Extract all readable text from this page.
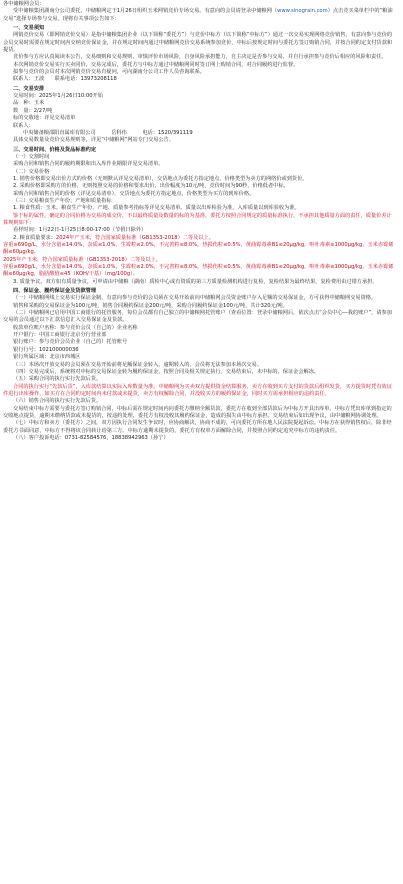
各中储粮网会员：

受中储粮集团湖南分公司委托，中储粮网定于1月26日组织玉米网销竞价专场交易。有意向的会员请登录中储粮网（www.sinograin.com）点击竞买菜单栏中的“粮油交易”选择专场参与交易。现将有关事项公告如下：

一、交易须知

网销竞价交易（即网销竞价交易）是指中储粮集团企业（以下简称“委托方”）与竞价中标方（以下简称“中标方”）通过一次交易实现网络竞价销售，有意向参与竞价的会员交易时需要在规定时间内交纳竞价保证金，并在规定时间内通过中储粮网竞价交易系统参加竞价，中标后按规定时间与委托方签订购销合同，并按合同约定支付货款和提货。

竞价参与方应认真阅读本公告，交易细则和交易规则，审慎评价市场风险，自身风险承担能力，自主决定是否参与交易，并自行承担参与竞价后相应的风险和责任。

本次网销竞价交易实行买卖同价，交易完成后，委托方与中标方通过中储粮网同时签订网上购销合同，对合同履约进行监督。

拟参与竞价的会员对本次网销竞价交易有疑问，可向湖南分公司工作人员咨询联系。

联系人：王波　　联系电话：13973208118

二、交易安排

交易时间：2025年1月26日10:00开始

品　种：玉米

数　量：2/27/吨

标的交收地：详见交易清单

联系人：

中央储备粮邵阳直属库有限公司　　　岳科伟　　　电话：1520/391119

具体交易数量及竞价交易规则等，详见“中储粮网”网站专门交易公告。

三、交易时间、价格及货品标准约定

（一）交割时间

采购合同和销售合同的履约期限和出入库作业期限详见交易清单。

（二）交易价格

1. 销售价格即交易出价方式的价格（无则默认详见交易清单），交货地点为委托方指定地点，价格类型为卖方的网络价或到货价。

2. 采购价格即采购方的价格，无则按照交易的价格和要求出价，出价幅度为10元/吨，竞价时间为90秒，价格低者中标。

采购合同和销售合同的价格（详见交易清单），交货地点为委托方指定地点，价格类型为买方的到库价格。

（三）交易粮食生产年份、产地和质量指标

1. 粮食性质：玉米。粮食生产年份、产地、质量参考指标等详见交易清单。质量以出库检验为准，入库质量以到库验收为准。

鉴于标的属性，确定的合同价格为交易的成交价，不以最终质量及数量的标的为基准，委托方按照合同规定的质量标准执行，不承担其他质量方面的责任，质量价差计算规则如下：

看样时间：1月22日-1月25日8:00-17:00（节假日除外）

2. 粮食质量要求：2024年产玉米，符合国家质量标准（GB1353-2018）二等及以上。

容重≥690g/L，水分含量≤14.0%，杂质≤1.0%，生霉粒≤2.0%，不完善粒≤8.0%，热损伤粒≤0.5%，黄曲霉毒素B1≤20μg/kg，呕吐毒素≤1000μg/kg，玉米赤霉烯酮≤60μg/kg。

2025年产玉米，符合国家质量标准（GB1353-2018）二等及以上。

容重≥690g/L，水分含量≤14.0%，杂质≤1.0%，生霉粒≤2.0%，不完善粒≤8.0%，热损伤粒≤0.5%，黄曲霉毒素B1≤20μg/kg，呕吐毒素≤1000μg/kg，玉米赤霉烯酮≤60μg/kg，脂肪酸值≤45（KOH/干基）（mg/100g）。

3. 质量争议。双方如有质量争议，可申请由中储粮（湖南）质检中心或有资质的第三方质量检测机构进行复检，复检结果为最终结果，复检费用由过错方承担。

四、保证金、履约保证金及货款管理

（一）中储粮网线上交易实行保证金制，有意向参与竞价的会员须在交易开始前向中储粮网会员资金账户存入足额的交易保证金，方可获得中储粮网交易资格。

销售和采购的交易保证金为100元/吨，销售合同履约保证金200元/吨，采购合同履约保证金100元/吨，共计320元/吨。

（二）中储粮网已启用中国工商银行的托管服务，每位会员都有自己独立的中储粮网托管账户（查看位置：登录中储粮网后，依次点击“会员中心—我的账户”，请参加交易的会员通过以下汇款信息汇入交易保证金及货款。

收款单位账户名称：参与竞价会员（自己的）企业名称

开户银行：中国工商银行北京分行营业部

银行账户：参与竞价会员企业（自己的）托管账号

银行行号：102100000036

银行所属区域：北京市西城区

（三）本场次开放交易的会员须在交易开始前将足额保证金转入，逾期转入的，会员将无法参加本场次交易。

（四）交易完成后，系统将对中标的交易保证金转为履约保证金，按照合同及相关规定执行。交易结束后，未中标的，保证金会解冻。

（五）采购合同的执行实行先款后货。

合同的执行实行“先款后货”，入库款结算以实际入库数量为准。中储粮网为买卖双方提供资金结算服务，卖方在收到买方支付的货款后组织发货，买方提货时凭有效证件进行出库操作。如买方在合同约定时间内未付款或未提货，卖方有权解除合同，并没收买方的履约保证金，同时买方需承担相应的违约责任。

（六）销售合同的执行实行先款后货。

交易结束中标方需要与委托方签订购销合同，中标后需在规定时间内向委托方缴纳全额货款，委托方在收到全部货款后为中标方开具出库单，中标方凭出库单到指定的交收地点提货，逾期未缴纳货款或未提货的，按违约处理，委托方有权没收其履约保证金，造成的损失由中标方承担。交易结束后如出现争议，由中储粮网协调处理。

（七）中标方和卖方（委托方）之间，双方因执行合同发生争议时，应协商解决，协商不成的，可向委托方所在地人民法院提起诉讼。中标方在获得销售权后，除非经委托方书面同意，中标方不得将该合同转让给第三方。中标方逾期未提货的，委托方有权单方面解除合同，并按照合同约定追究中标方的违约责任。

（八）客户投诉电话：0731-82584576，18838942963（孙宁）
